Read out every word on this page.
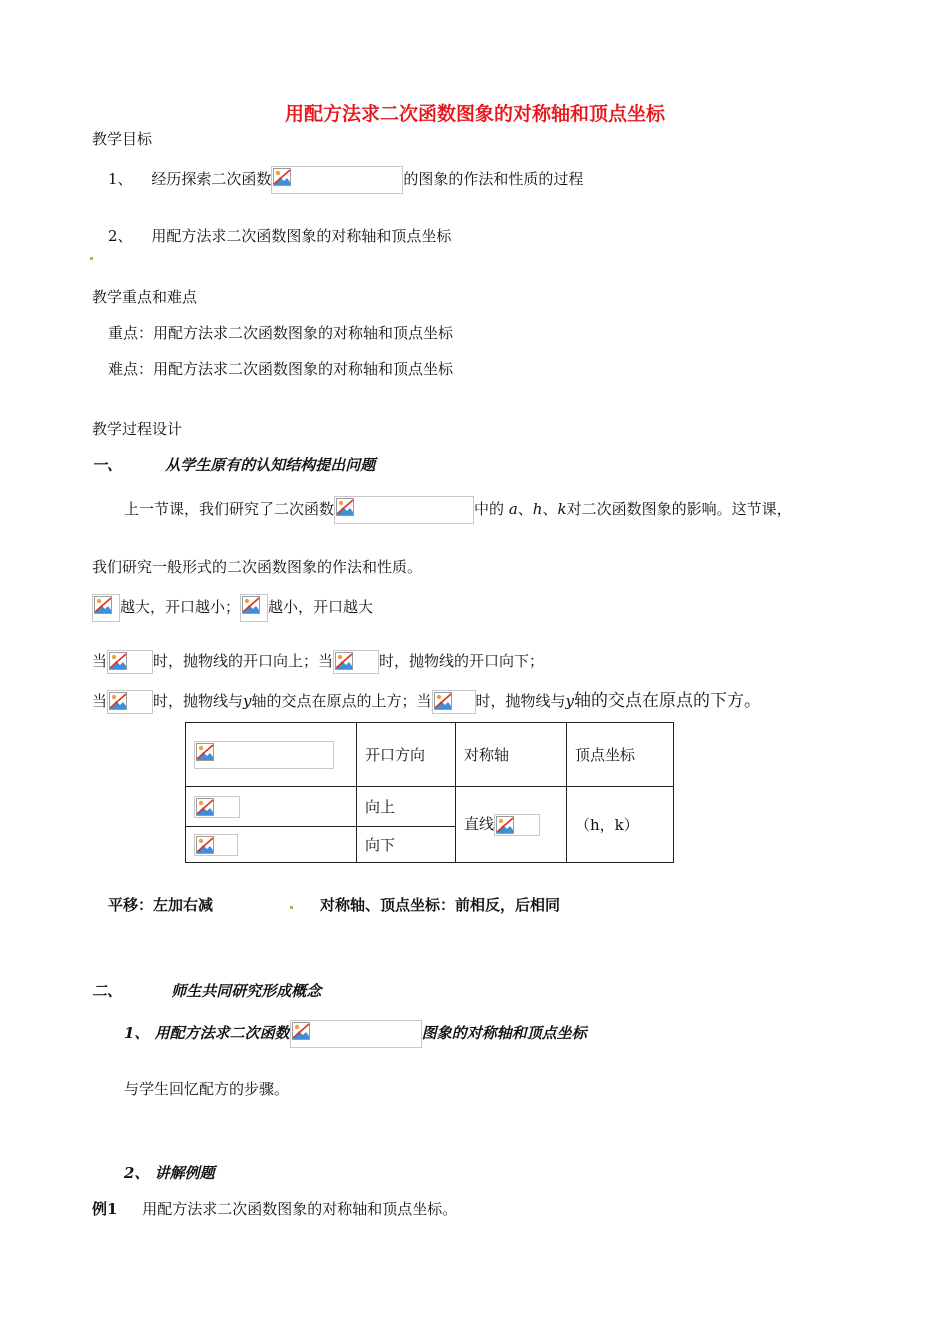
用配方法求二次函数图象的对称轴和顶点坐标
教学目标
1、 经历探索二次函数	的图象的作法和性质的过程
2、 用配方法求二次函数图象的对称轴和顶点坐标
教学重点和难点
重点：用配方法求二次函数图象的对称轴和顶点坐标
难点：用配方法求二次函数图象的对称轴和顶点坐标
教学过程设计
一、	从学生原有的认知结构提出问题
上一节课，我们研究了二次函数	中的 a、h、k对二次函数图象的影响。这节课，
我们研究一般形式的二次函数图象的作法和性质。
越大，开口越小； 越小，开口越大
当	时，抛物线的开口向上；当	时，抛物线的开口向下；
当	时，抛物线与y轴的交点在原点的上方；当	时，抛物线与y轴的交点在原点的下方。
	开口方向	对称轴	顶点坐标

	向上	直线	（h，k）

	向下		
平移：左加右减	对称轴、顶点坐标：前相反，后相同
二、	师生共同研究形成概念
1、 用配方法求二次函数	图象的对称轴和顶点坐标
与学生回忆配方的步骤。
2、 讲解例题
例1 用配方法求二次函数图象的对称轴和顶点坐标。
